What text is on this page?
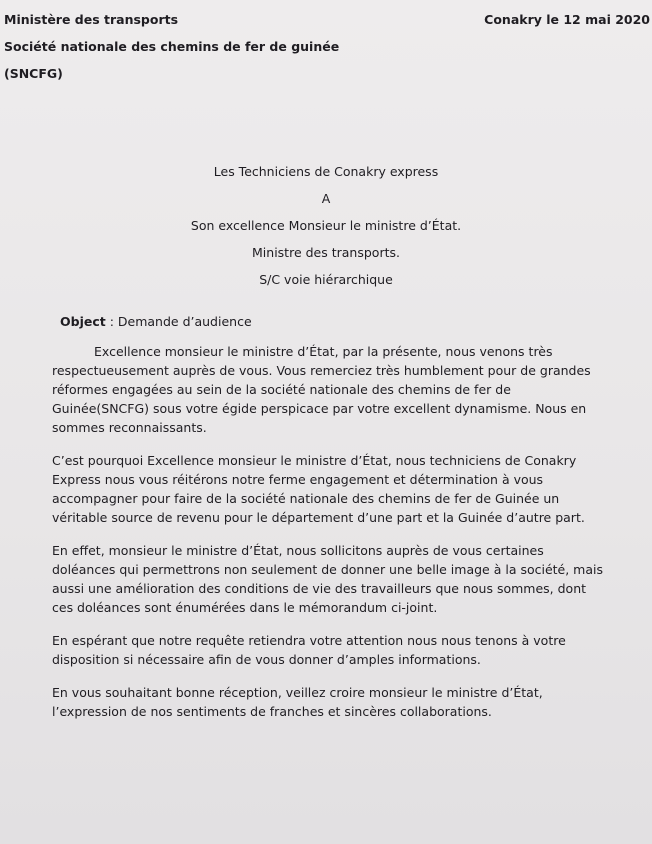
Ministère des transports
Société nationale des chemins de fer de guinée
(SNCFG)
Conakry le 12 mai 2020
Les Techniciens de Conakry express
A
Son excellence Monsieur le ministre d’État.
Ministre des transports.
S/C voie hiérarchique
Object : Demande d’audience

Excellence monsieur le ministre d’État, par la présente, nous venons très respectueusement auprès de vous. Vous remerciez très humblement pour de grandes réformes engagées au sein de la société nationale des chemins de fer de Guinée(SNCFG) sous votre égide perspicace par votre excellent dynamisme. Nous en sommes reconnaissants.

C’est pourquoi Excellence monsieur le ministre d’État, nous techniciens de Conakry Express nous vous réitérons notre ferme engagement et détermination à vous accompagner pour faire de la société nationale des chemins de fer de Guinée un véritable source de revenu pour le département d’une part et la Guinée d’autre part.

En effet, monsieur le ministre d’État, nous sollicitons auprès de vous certaines doléances qui permettrons non seulement de donner une belle image à la société, mais aussi une amélioration des conditions de vie des travailleurs que nous sommes, dont ces doléances sont énumérées dans le mémorandum ci-joint.

En espérant que notre requête retiendra votre attention nous nous tenons à votre disposition si nécessaire afin de vous donner d’amples informations.

En vous souhaitant bonne réception, veillez croire monsieur le ministre d’État, l’expression de nos sentiments de franches et sincères collaborations.
